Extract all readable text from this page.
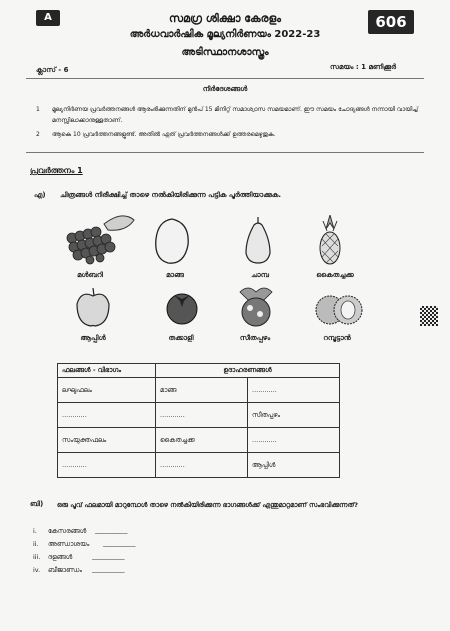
A	606
സമഗ്ര ശിക്ഷാ കേരളം
അർധവാർഷിക മൂല്യനിർണയം 2022-23
അടിസ്ഥാനശാസ്ത്രം
ക്ലാസ് - 6	സമയം : 1 മണിക്കൂർ
നിർദേശങ്ങൾ
1 മൂല്യനിർണയ പ്രവർത്തനങ്ങൾ ആരംഭിക്കുന്നതിന് മുൻപ് 15 മിനിറ്റ് സമാശ്വാസ സമയമാണ്. ഈ സമയം ചോദ്യങ്ങൾ നന്നായി വായിച്ച് മനസ്സിലാക്കാനുള്ളതാണ്.
2 ആകെ 10 പ്രവർത്തനങ്ങളുണ്ട്. അതിൽ ഏത് പ്രവർത്തനങ്ങൾക്ക് ഉത്തരമെഴുതുക.
പ്രവർത്തനം 1
എ) ചിത്രങ്ങൾ നിരീക്ഷിച്ച് താഴെ നൽകിയിരിക്കുന്ന പട്ടിക പൂർത്തിയാക്കുക.
മൾബറി	മാങ്ങ	ചാമ്പ	കൈതച്ചക്ക
ആപ്പിൾ	തക്കാളി	സീതപ്പഴം	റമ്പൂട്ടാൻ
ഫലങ്ങൾ - വിഭാഗം	ഉദാഹരണങ്ങൾ	
ലഘുഫലം	മാങ്ങ	............
............	............	സീതപ്പഴം
സംയുക്തഫലം	കൈതച്ചക്ക	............
............	............	ആപ്പിൾ
ബി) ഒരു പൂവ് ഫലമായി മാറുമ്പോൾ താഴെ നൽകിയിരിക്കുന്ന ഭാഗങ്ങൾക്ക് എന്തുമാറ്റമാണ് സംഭവിക്കുന്നത്?
i. കേസരങ്ങൾ __________
ii. അണ്ഡാശയം __________
iii. ദളങ്ങൾ	__________
iv. ബീജാണ്ഡം __________
